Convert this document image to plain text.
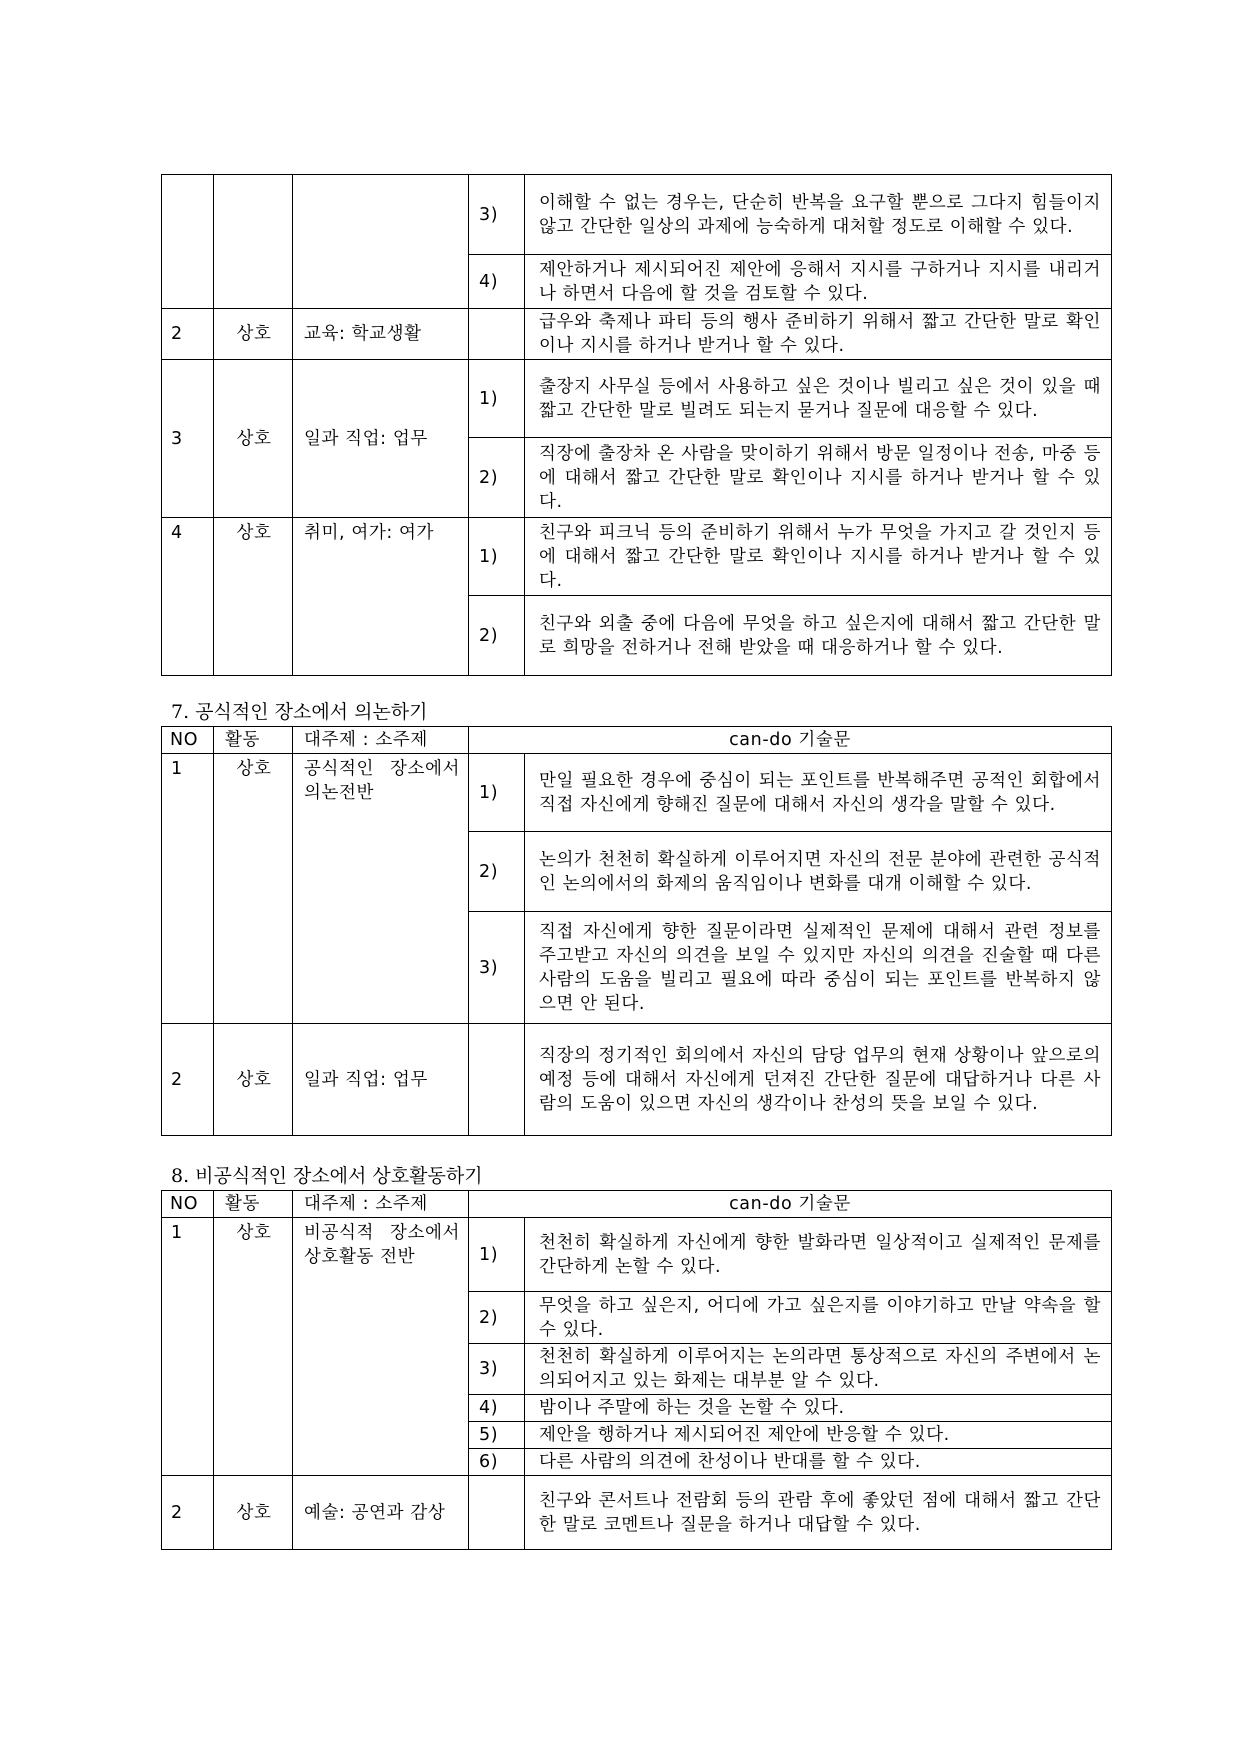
			3)	이해할 수 없는 경우는, 단순히 반복을 요구할 뿐으로 그다지 힘들이지 않고 간단한 일상의 과제에 능숙하게 대처할 정도로 이해할 수 있다.
			4)	제안하거나 제시되어진 제안에 응해서 지시를 구하거나 지시를 내리거나 하면서 다음에 할 것을 검토할 수 있다.
2	상호	교육: 학교생활		급우와 축제나 파티 등의 행사 준비하기 위해서 짧고 간단한 말로 확인이나 지시를 하거나 받거나 할 수 있다.
3	상호	일과 직업: 업무	1)	출장지 사무실 등에서 사용하고 싶은 것이나 빌리고 싶은 것이 있을 때 짧고 간단한 말로 빌려도 되는지 묻거나 질문에 대응할 수 있다.
			2)	직장에 출장차 온 사람을 맞이하기 위해서 방문 일정이나 전송, 마중 등에 대해서 짧고 간단한 말로 확인이나 지시를 하거나 받거나 할 수 있다.
4	상호	취미, 여가: 여가	1)	친구와 피크닉 등의 준비하기 위해서 누가 무엇을 가지고 갈 것인지 등에 대해서 짧고 간단한 말로 확인이나 지시를 하거나 받거나 할 수 있다.
			2)	친구와 외출 중에 다음에 무엇을 하고 싶은지에 대해서 짧고 간단한 말로 희망을 전하거나 전해 받았을 때 대응하거나 할 수 있다.
7. 공식적인 장소에서 의논하기
NO	활동	대주제 : 소주제	can-do 기술문	
1	상호	공식적인 장소에서 의논전반	1)	만일 필요한 경우에 중심이 되는 포인트를 반복해주면 공적인 회합에서 직접 자신에게 향해진 질문에 대해서 자신의 생각을 말할 수 있다.
			2)	논의가 천천히 확실하게 이루어지면 자신의 전문 분야에 관련한 공식적인 논의에서의 화제의 움직임이나 변화를 대개 이해할 수 있다.
			3)	직접 자신에게 향한 질문이라면 실제적인 문제에 대해서 관련 정보를 주고받고 자신의 의견을 보일 수 있지만 자신의 의견을 진술할 때 다른 사람의 도움을 빌리고 필요에 따라 중심이 되는 포인트를 반복하지 않으면 안 된다.
2	상호	일과 직업: 업무		직장의 정기적인 회의에서 자신의 담당 업무의 현재 상황이나 앞으로의 예정 등에 대해서 자신에게 던져진 간단한 질문에 대답하거나 다른 사람의 도움이 있으면 자신의 생각이나 찬성의 뜻을 보일 수 있다.
8. 비공식적인 장소에서 상호활동하기
NO	활동	대주제 : 소주제	can-do 기술문	
1	상호	비공식적 장소에서 상호활동 전반	1)	천천히 확실하게 자신에게 향한 발화라면 일상적이고 실제적인 문제를 간단하게 논할 수 있다.
			2)	무엇을 하고 싶은지, 어디에 가고 싶은지를 이야기하고 만날 약속을 할 수 있다.
			3)	천천히 확실하게 이루어지는 논의라면 통상적으로 자신의 주변에서 논의되어지고 있는 화제는 대부분 알 수 있다.
			4)	밤이나 주말에 하는 것을 논할 수 있다.
			5)	제안을 행하거나 제시되어진 제안에 반응할 수 있다.
			6)	다른 사람의 의견에 찬성이나 반대를 할 수 있다.
2	상호	예술: 공연과 감상		친구와 콘서트나 전람회 등의 관람 후에 좋았던 점에 대해서 짧고 간단한 말로 코멘트나 질문을 하거나 대답할 수 있다.
